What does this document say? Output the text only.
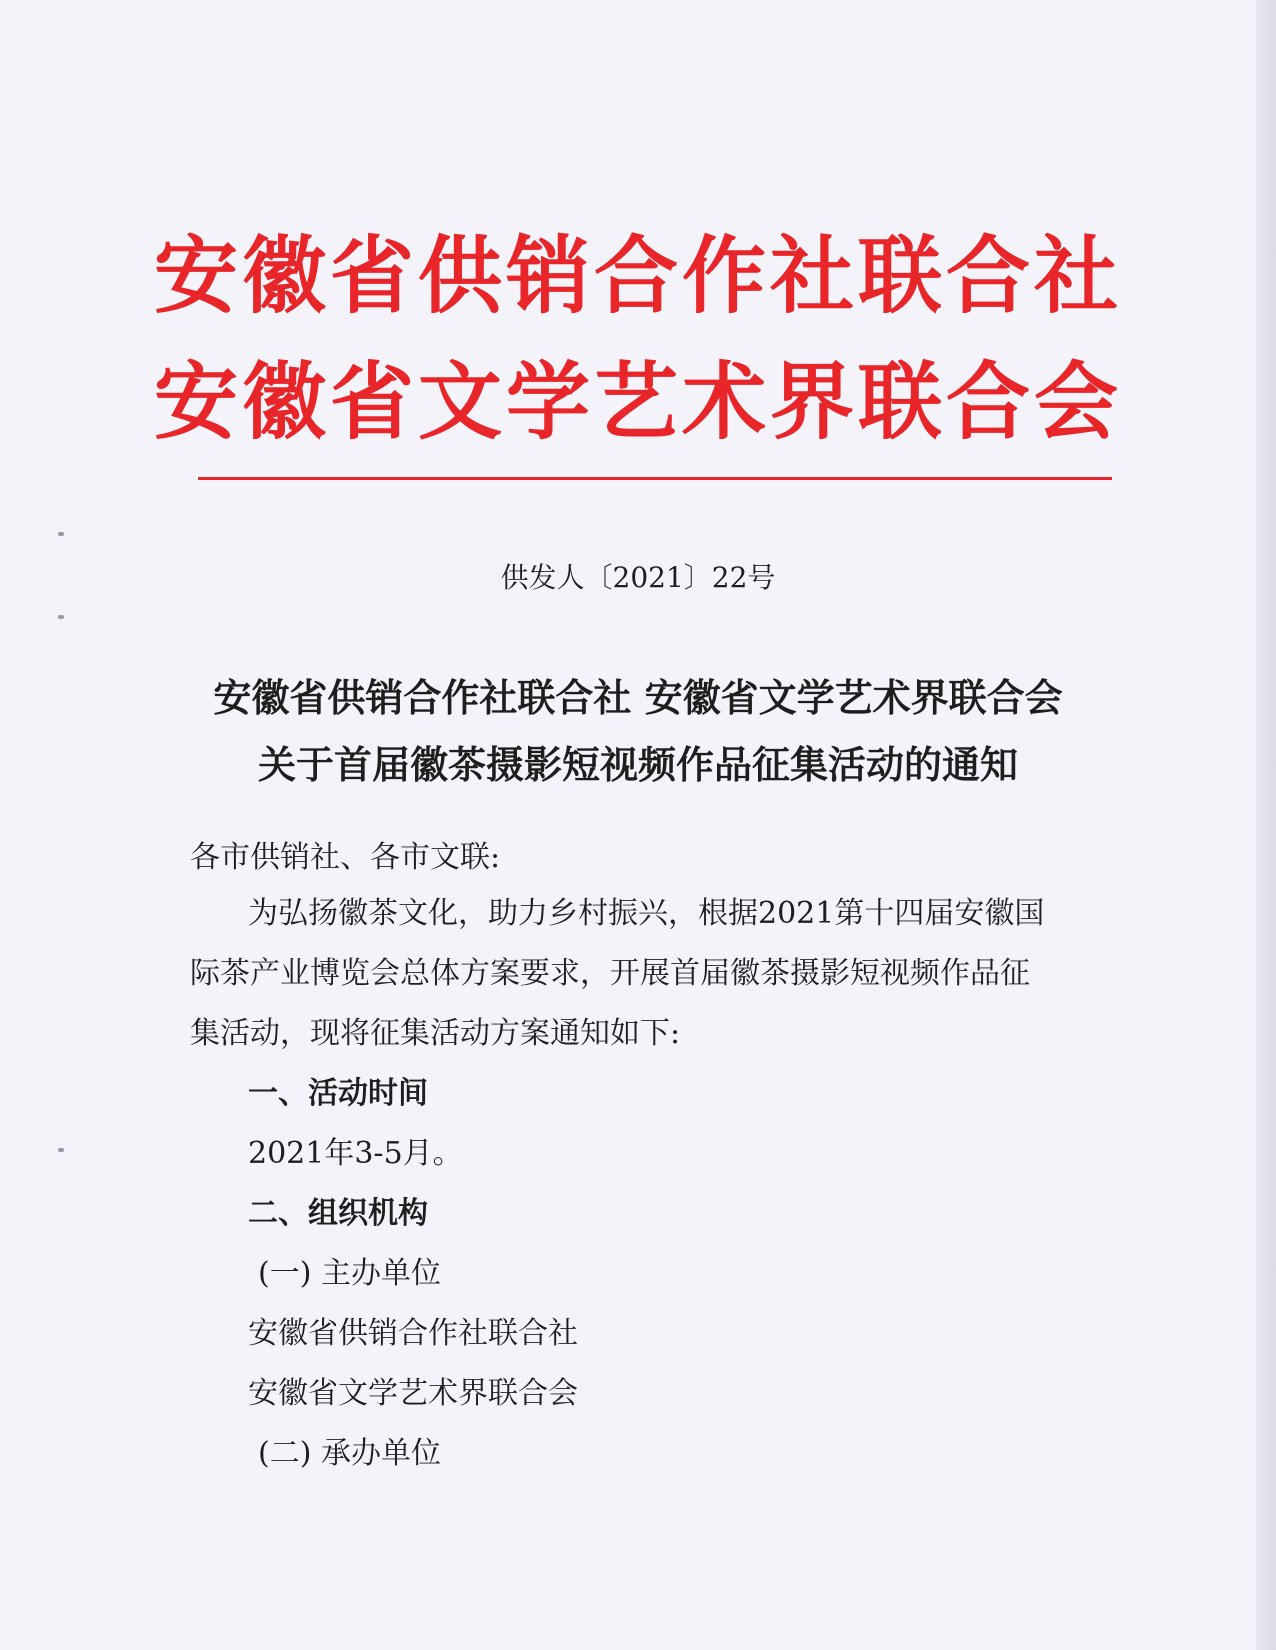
安徽省供销合作社联合社
安徽省文学艺术界联合会
供发人〔2021〕22号
安徽省供销合作社联合社 安徽省文学艺术界联合会
关于首届徽茶摄影短视频作品征集活动的通知
各市供销社、各市文联:
为弘扬徽茶文化，助力乡村振兴，根据2021第十四届安徽国
际茶产业博览会总体方案要求，开展首届徽茶摄影短视频作品征
集活动，现将征集活动方案通知如下:
一、活动时间
2021年3-5月。
二、组织机构
(一) 主办单位
安徽省供销合作社联合社
安徽省文学艺术界联合会
(二) 承办单位
